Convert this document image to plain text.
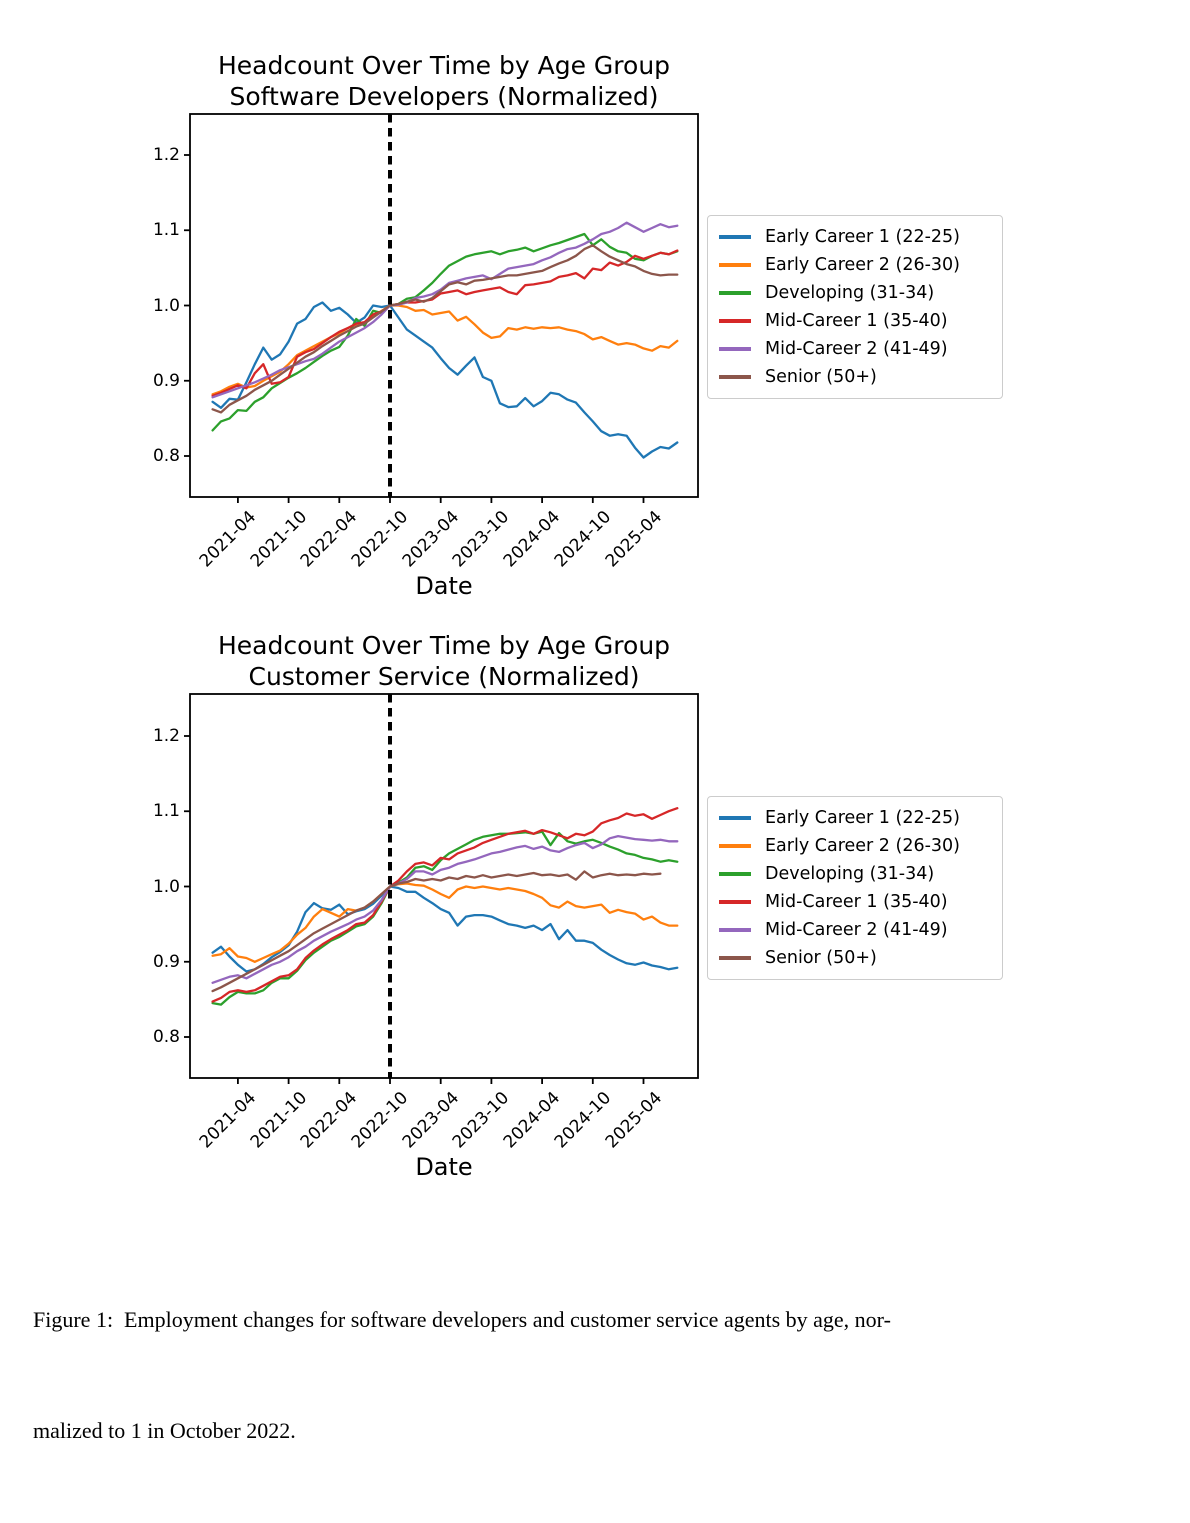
Headcount Over Time by Age Group
Software Developers (Normalized)
Date
Early Career 1 (22-25)
Early Career 2 (26-30)
Developing (31-34)
Mid-Career 1 (35-40)
Mid-Career 2 (41-49)
Senior (50+)
0.8
0.9
1.0
1.1
1.2
2021-04
2021-10
2022-04
2022-10
2023-04
2023-10
2024-04
2024-10
2025-04
Headcount Over Time by Age Group
Customer Service (Normalized)
Date
Early Career 1 (22-25)
Early Career 2 (26-30)
Developing (31-34)
Mid-Career 1 (35-40)
Mid-Career 2 (41-49)
Senior (50+)
0.8
0.9
1.0
1.1
1.2
2021-04
2021-10
2022-04
2022-10
2023-04
2023-10
2024-04
2024-10
2025-04

Figure 1:  Employment changes for software developers and customer service agents by age, nor-

malized to 1 in October 2022.
